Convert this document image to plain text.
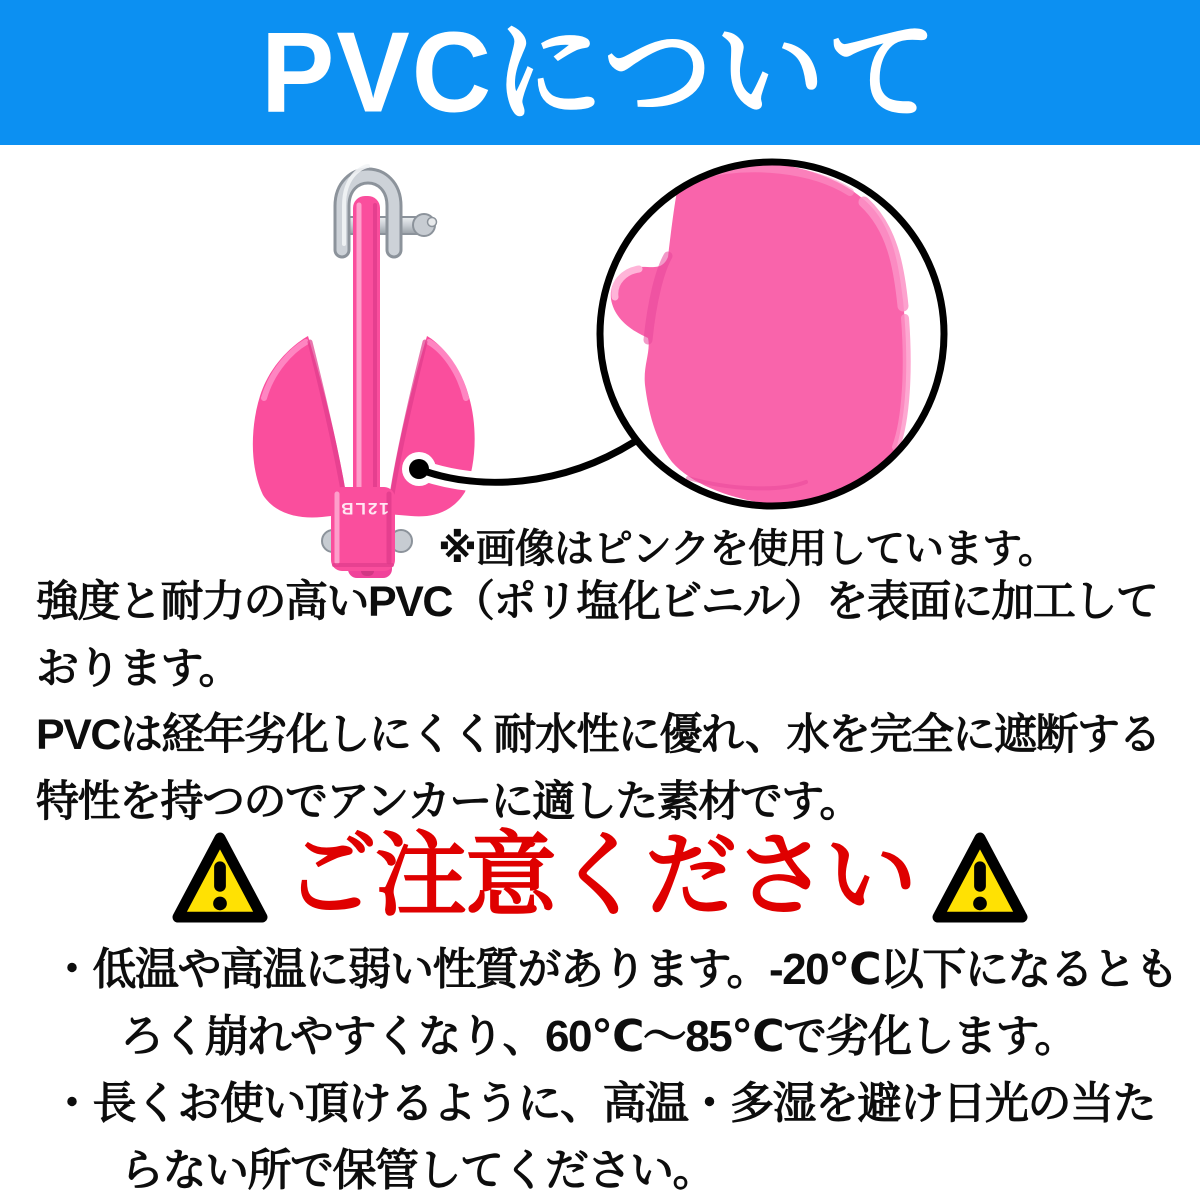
PVCについて
12LB
※画像はピンクを使用しています。
強度と耐力の高いPVC（ポリ塩化ビニル）を表面に加工して
おります。
PVCは経年劣化しにくく耐水性に優れ、水を完全に遮断する
特性を持つのでアンカーに適した素材です。
ご注意ください
・低温や高温に弱い性質があります。-20℃以下になるとも
ろく崩れやすくなり、60℃～85℃で劣化します。
・長くお使い頂けるように、高温・多湿を避け日光の当た
らない所で保管してください。
